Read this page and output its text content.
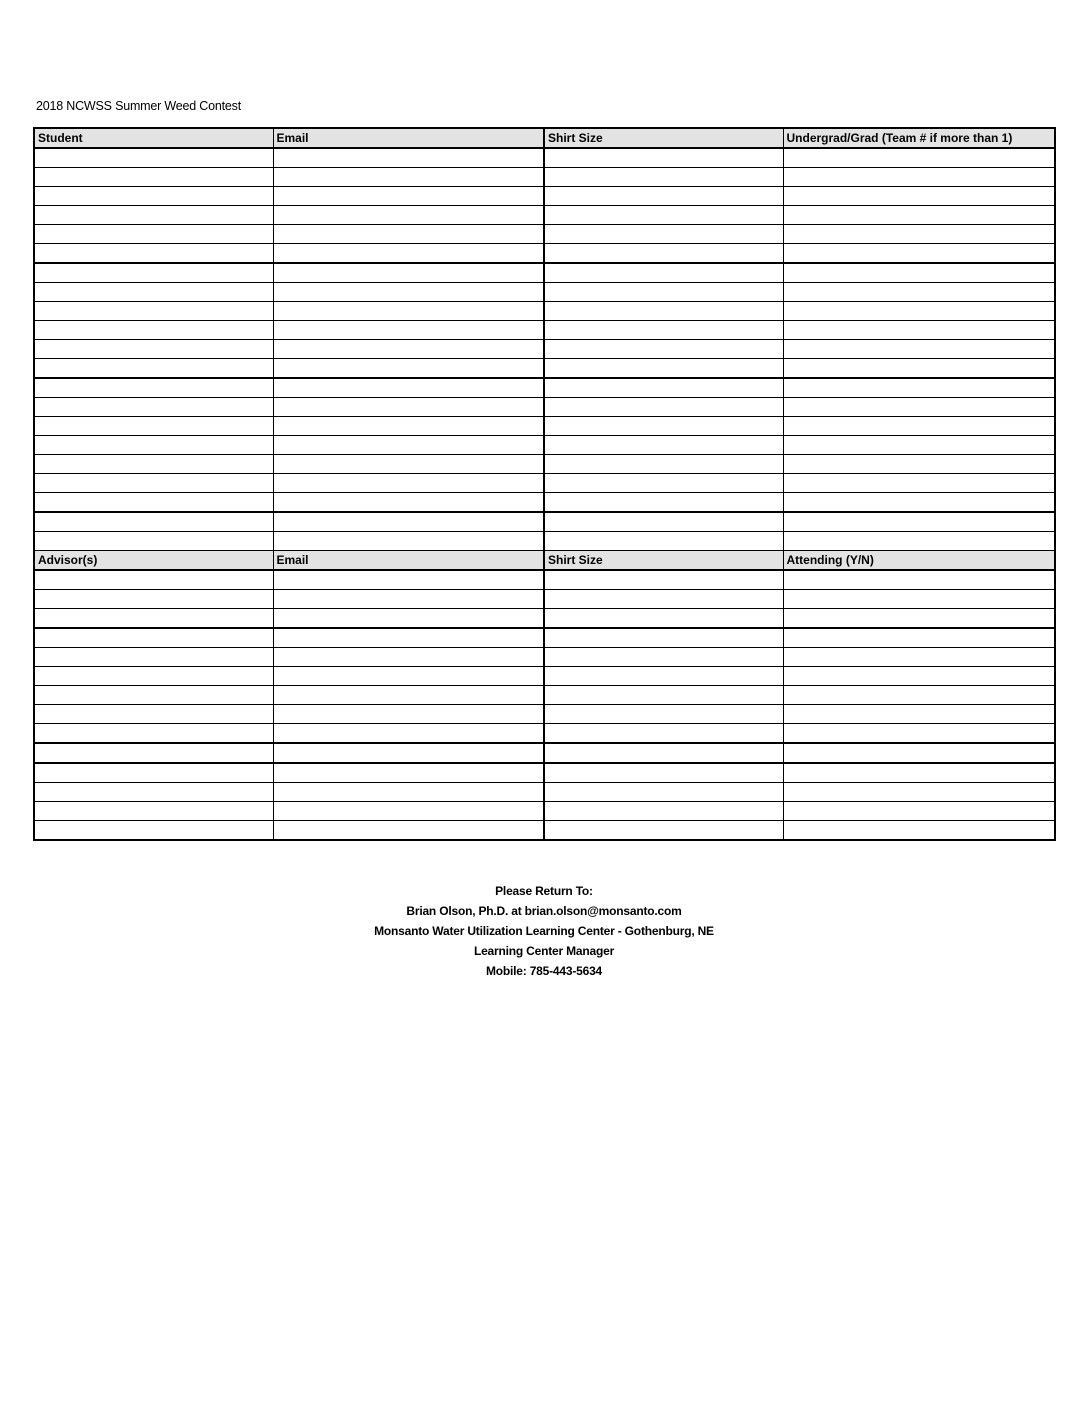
2018 NCWSS Summer Weed Contest
Student	Email	Shirt Size	Undergrad/Grad (Team # if more than 1)

Advisor(s)	Email	Shirt Size	Attending (Y/N)

Please Return To:
Brian Olson, Ph.D. at brian.olson@monsanto.com
Monsanto Water Utilization Learning Center - Gothenburg, NE
Learning Center Manager
Mobile: 785-443-5634
